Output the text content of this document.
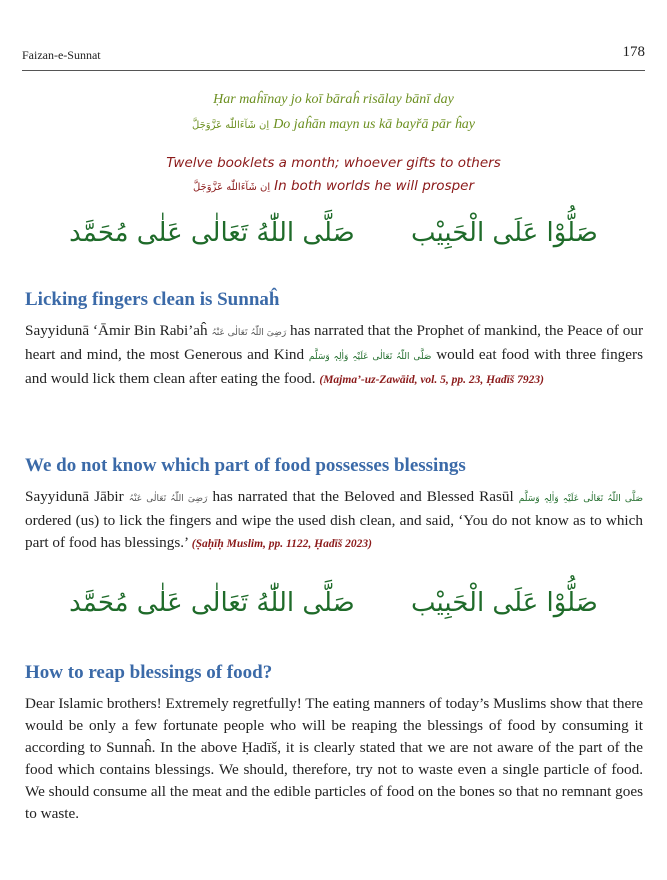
Faizan-e-Sunnat	178
Ḥar maĥīnay jo koī bāraĥ risālay bānī day
اِن شَآءَاللّٰه عَزَّوَجَلَّ Do jaĥān mayn us kā bayřā pār ĥay
Twelve booklets a month; whoever gifts to others
اِن شَآءَاللّٰه عَزَّوَجَلَّ In both worlds he will prosper
صَلُّوْا عَلَى الْحَبِيْب صَلَّى اللّٰهُ تَعَالٰى عَلٰى مُحَمَّد
Licking fingers clean is Sunnaĥ
Sayyidunā ‘Āmir Bin Rabi’aĥ رَضِیَ اللّٰہُ تَعَالٰی عَنْہُ has narrated that the Prophet of mankind, the Peace of our heart and mind, the most Generous and Kind صَلَّی اللّٰہُ تَعَالٰی عَلَیْہِ وَاٰلِہٖ وَسَلَّم would eat food with three fingers and would lick them clean after eating the food. (Majma’-uz-Zawāid, vol. 5, pp. 23, Ḥadīš 7923)
We do not know which part of food possesses blessings
Sayyidunā Jābir رَضِیَ اللّٰہُ تَعَالٰی عَنْہُ has narrated that the Beloved and Blessed Rasūl صَلَّی اللّٰہُ تَعَالٰی عَلَیْہِ وَاٰلِہٖ وَسَلَّم ordered (us) to lick the fingers and wipe the used dish clean, and said, ‘You do not know as to which part of food has blessings.’ (Ṣaḥīḥ Muslim, pp. 1122, Ḥadīš 2023)
صَلُّوْا عَلَى الْحَبِيْب صَلَّى اللّٰهُ تَعَالٰى عَلٰى مُحَمَّد
How to reap blessings of food?
Dear Islamic brothers! Extremely regretfully! The eating manners of today’s Muslims show that there would be only a few fortunate people who will be reaping the blessings of food by consuming it according to Sunnaĥ. In the above Ḥadīš, it is clearly stated that we are not aware of the part of the food which contains blessings. We should, therefore, try not to waste even a single particle of food. We should consume all the meat and the edible particles of food on the bones so that no remnant goes to waste.
